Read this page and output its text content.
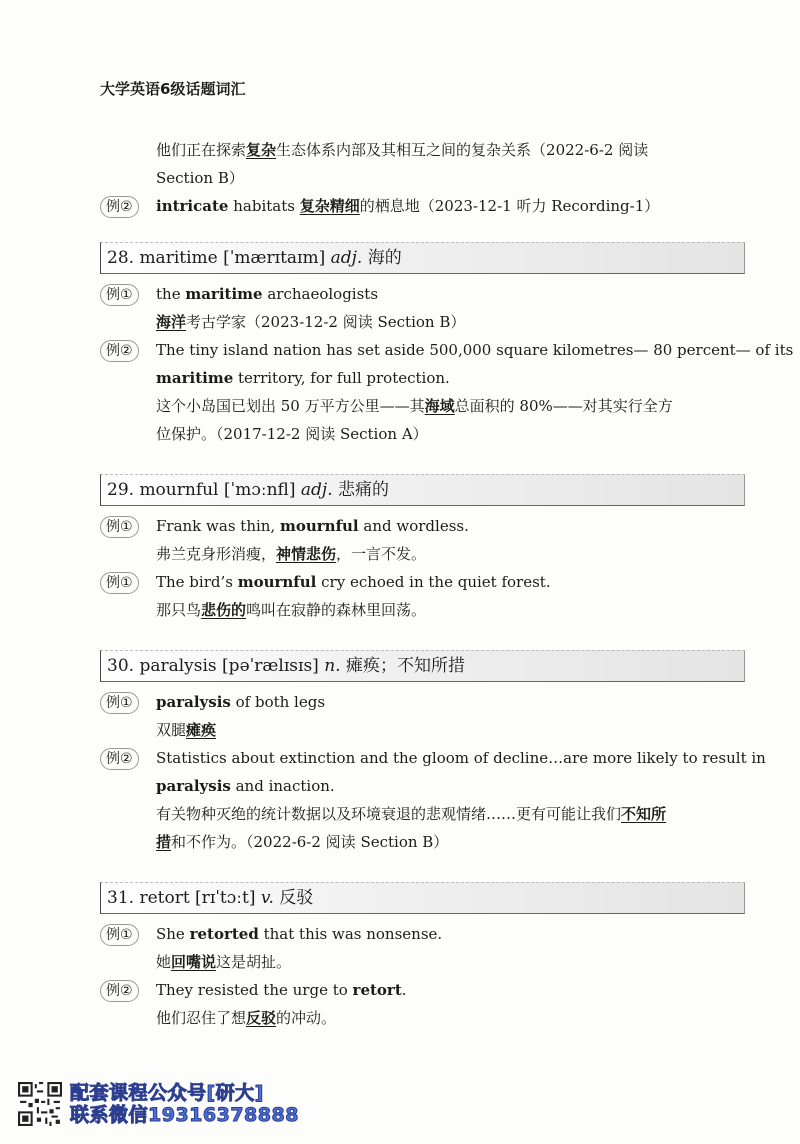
大学英语6级话题词汇
他们正在探索复杂生态体系内部及其相互之间的复杂关系（2022-6-2 阅读
Section B）
例②	intricate habitats 复杂精细的栖息地（2023-12-1 听力 Recording-1）
28. maritime [ˈmærɪtaɪm] adj. 海的
例①	the maritime archaeologists
海洋考古学家（2023-12-2 阅读 Section B）
例②	The tiny island nation has set aside 500,000 square kilometres— 80 percent— of its
maritime territory, for full protection.
这个小岛国已划出 50 万平方公里——其海域总面积的 80%——对其实行全方
位保护。（2017-12-2 阅读 Section A）
29. mournful [ˈmɔːnfl] adj. 悲痛的
例①	Frank was thin, mournful and wordless.
弗兰克身形消瘦，神情悲伤，一言不发。
例①	The bird’s mournful cry echoed in the quiet forest.
那只鸟悲伤的鸣叫在寂静的森林里回荡。
30. paralysis [pəˈrælɪsɪs] n. 瘫痪；不知所措
例①	paralysis of both legs
双腿瘫痪
例②	Statistics about extinction and the gloom of decline…are more likely to result in
paralysis and inaction.
有关物种灭绝的统计数据以及环境衰退的悲观情绪……更有可能让我们不知所
措和不作为。（2022-6-2 阅读 Section B）
31. retort [rɪˈtɔːt] v. 反驳
例①	She retorted that this was nonsense.
她回嘴说这是胡扯。
例②	They resisted the urge to retort.
他们忍住了想反驳的冲动。
配套课程公众号[研大]
联系微信19316378888
